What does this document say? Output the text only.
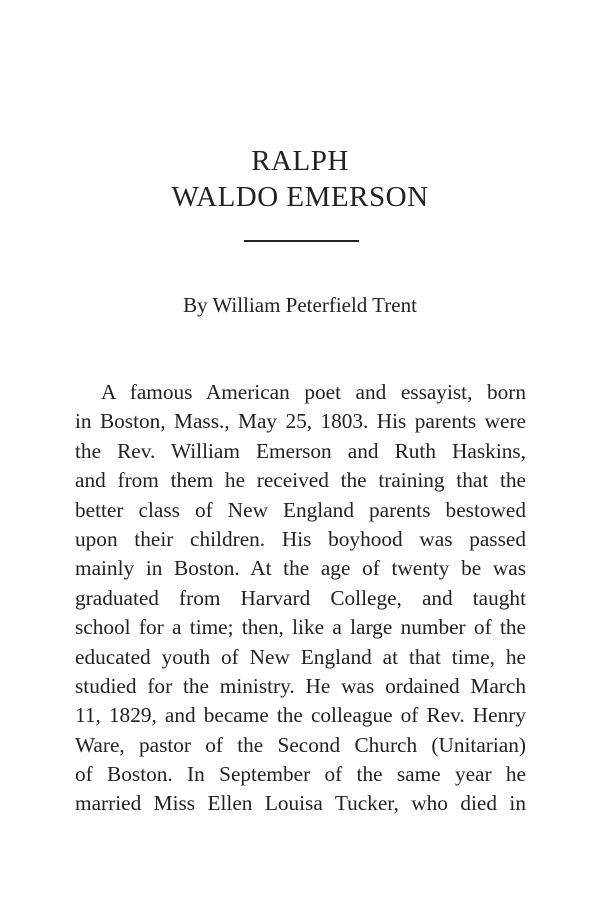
RALPH
WALDO EMERSON

By William Peterfield Trent

A famous American poet and essayist, born
in Boston, Mass., May 25, 1803. His parents were
the Rev. William Emerson and Ruth Haskins,
and from them he received the training that the
better class of New England parents bestowed
upon their children. His boyhood was passed
mainly in Boston. At the age of twenty be was
graduated from Harvard College, and taught
school for a time; then, like a large number of the
educated youth of New England at that time, he
studied for the ministry. He was ordained March
11, 1829, and became the colleague of Rev. Henry
Ware, pastor of the Second Church (Unitarian)
of Boston. In September of the same year he
married Miss Ellen Louisa Tucker, who died in
